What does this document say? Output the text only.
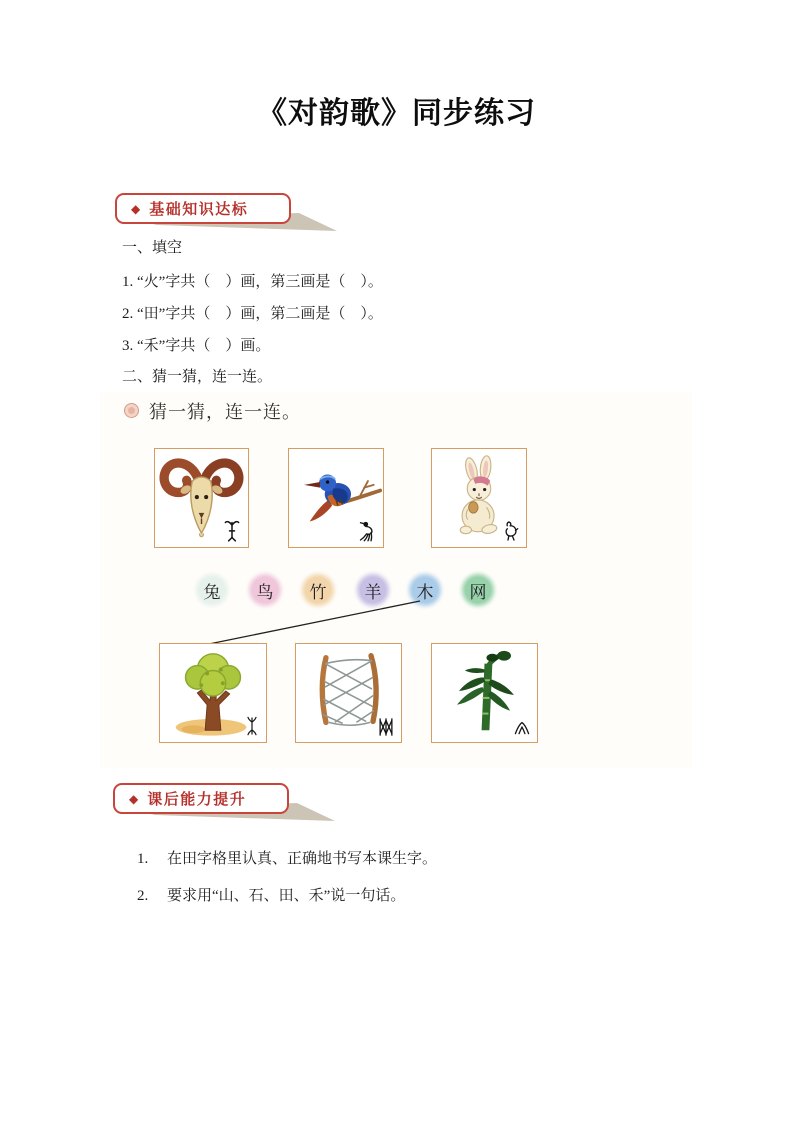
《对韵歌》同步练习
◆ 基础知识达标
一、填空
1. “火”字共（　）画，第三画是（　）。
2. “田”字共（　）画，第二画是（　）。
3. “禾”字共（　）画。
二、猜一猜，连一连。
猜一猜，连一连。
兔 鸟 竹 羊 木 网
◆ 课后能力提升

1. 在田字格里认真、正确地书写本课生字。

2. 要求用“山、石、田、禾”说一句话。
